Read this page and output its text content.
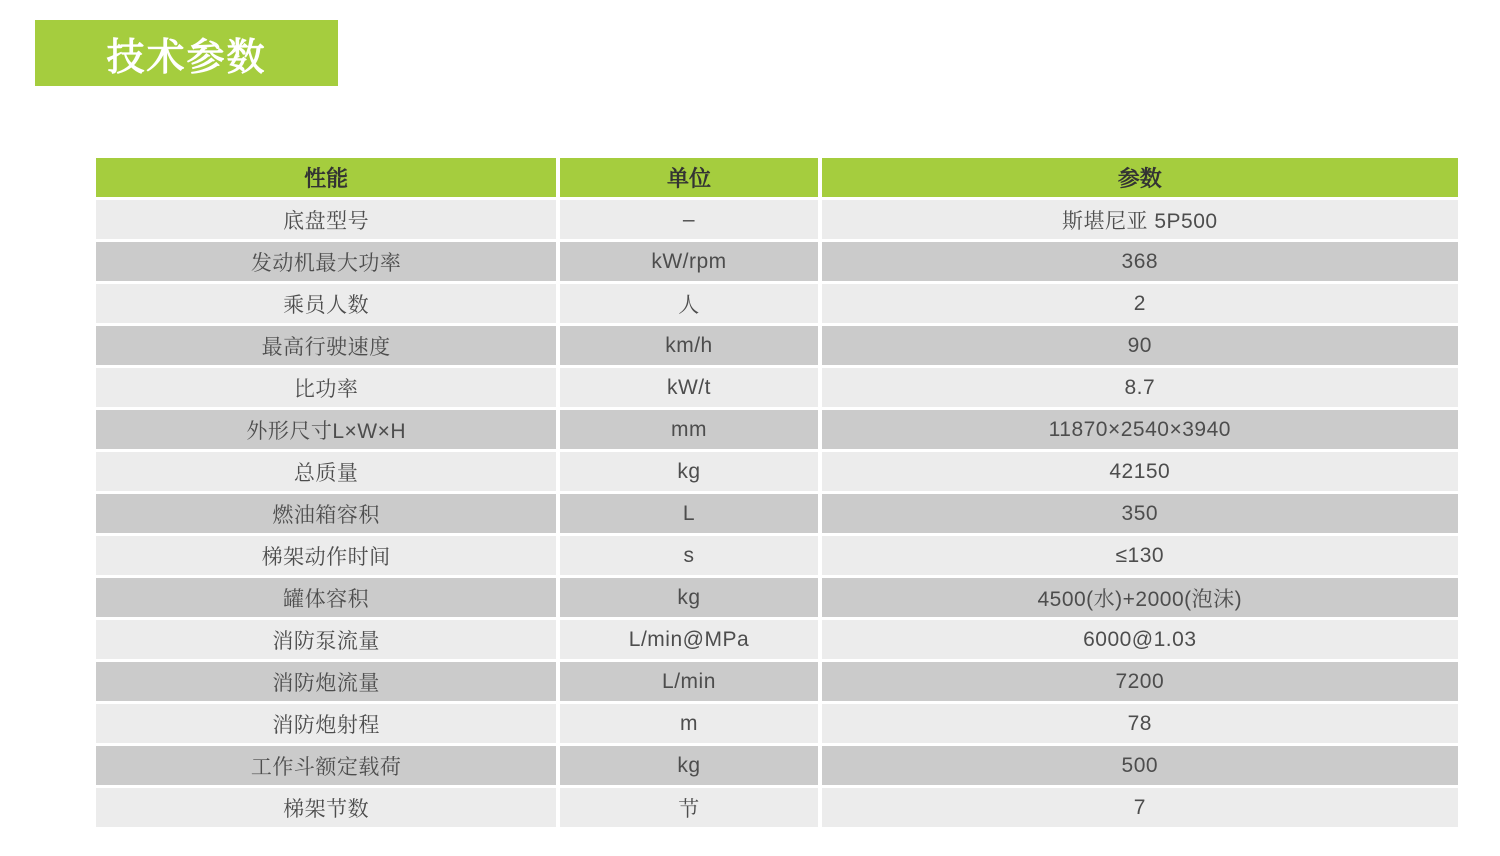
技术参数
性能	单位	参数
底盘型号	–	斯堪尼亚 5P500
发动机最大功率	kW/rpm	368
乘员人数	人	2
最高行驶速度	km/h	90
比功率	kW/t	8.7
外形尺寸L×W×H	mm	11870×2540×3940
总质量	kg	42150
燃油箱容积	L	350
梯架动作时间	s	≤130
罐体容积	kg	4500(水)+2000(泡沫)
消防泵流量	L/min@MPa	6000@1.03
消防炮流量	L/min	7200
消防炮射程	m	78
工作斗额定载荷	kg	500
梯架节数	节	7
